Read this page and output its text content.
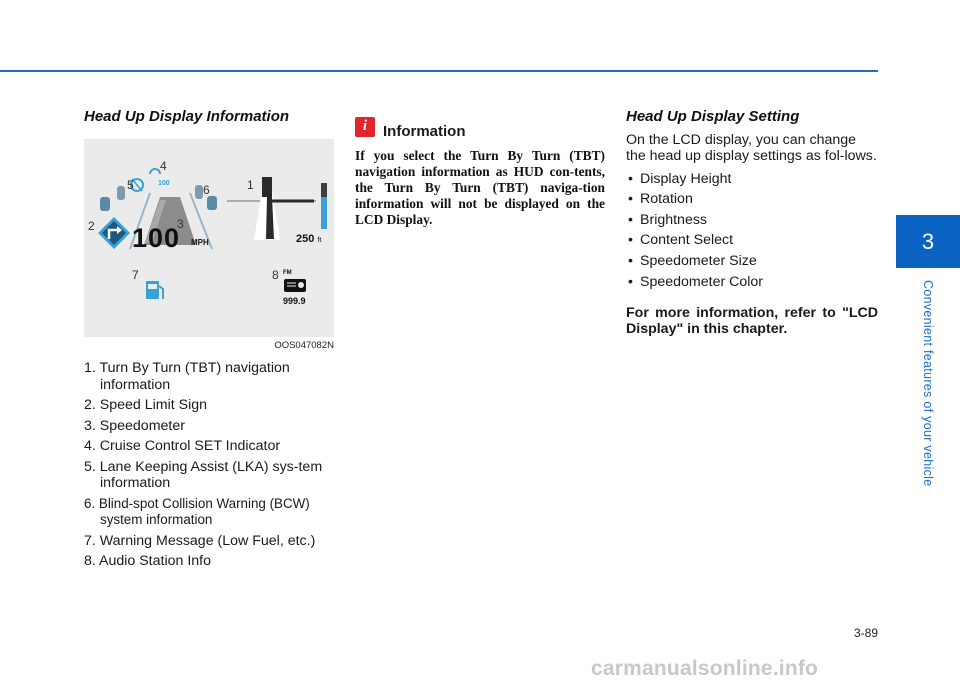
3
Convenient features of your vehicle
Head Up Display Information
4
5	6	1
2	3
7	8
100
100 MPH	250 ft
FM
999.9
OOS047082N
1. Turn By Turn (TBT) navigation information
2. Speed Limit Sign
3. Speedometer
4. Cruise Control SET Indicator
5. Lane Keeping Assist (LKA) sys-tem information
6. Blind-spot Collision Warning (BCW) system information
7. Warning Message (Low Fuel, etc.)
8. Audio Station Info
i	Information

If you select the Turn By Turn (TBT) navigation information as HUD con-tents, the Turn By Turn (TBT) naviga-tion information will not be displayed on the LCD Display.

Head Up Display Setting

On the LCD display, you can change the head up display settings as fol-lows.

• Display Height
• Rotation
• Brightness
• Content Select
• Speedometer Size
• Speedometer Color

For more information, refer to "LCD Display" in this chapter.

3-89
carmanualsonline.info
